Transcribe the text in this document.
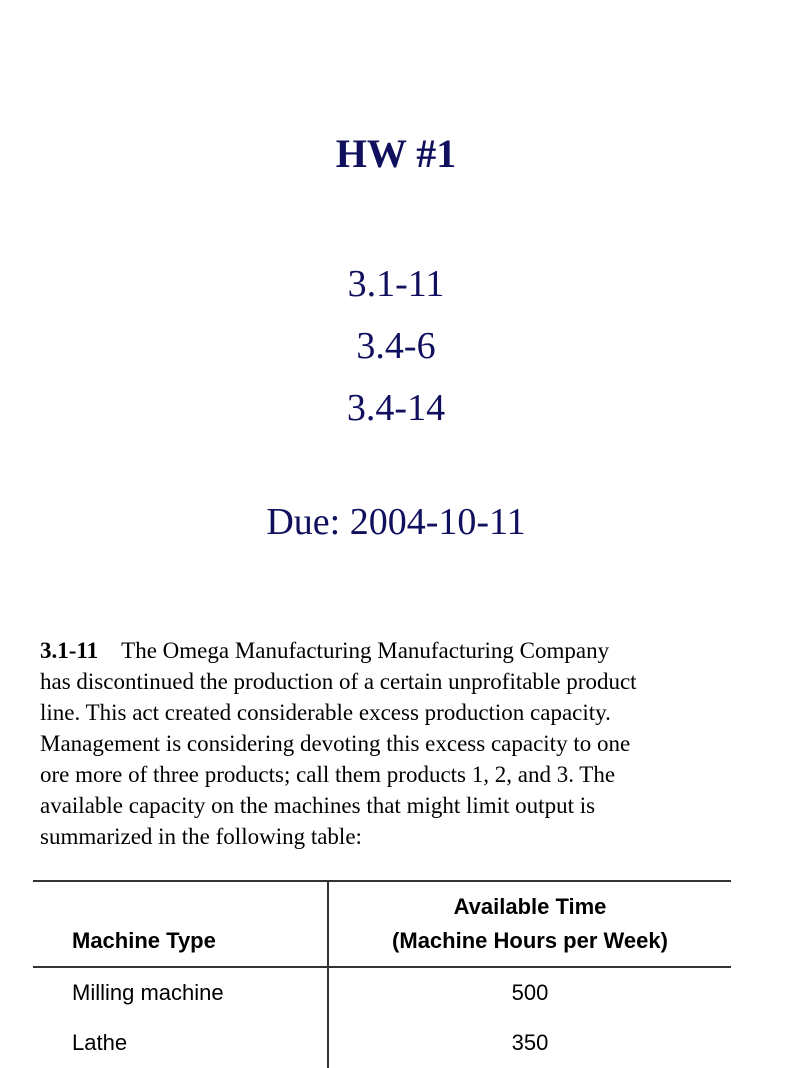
HW #1
3.1-11
3.4-6
3.4-14
Due: 2004-10-11
3.1-11 The Omega Manufacturing Manufacturing Company
has discontinued the production of a certain unprofitable product
line. This act created considerable excess production capacity.
Management is considering devoting this excess capacity to one
ore more of three products; call them products 1, 2, and 3. The
available capacity on the machines that might limit output is
summarized in the following table:
Machine Type	Available Time
(Machine Hours per Week)

Milling machine	500
Lathe	350
